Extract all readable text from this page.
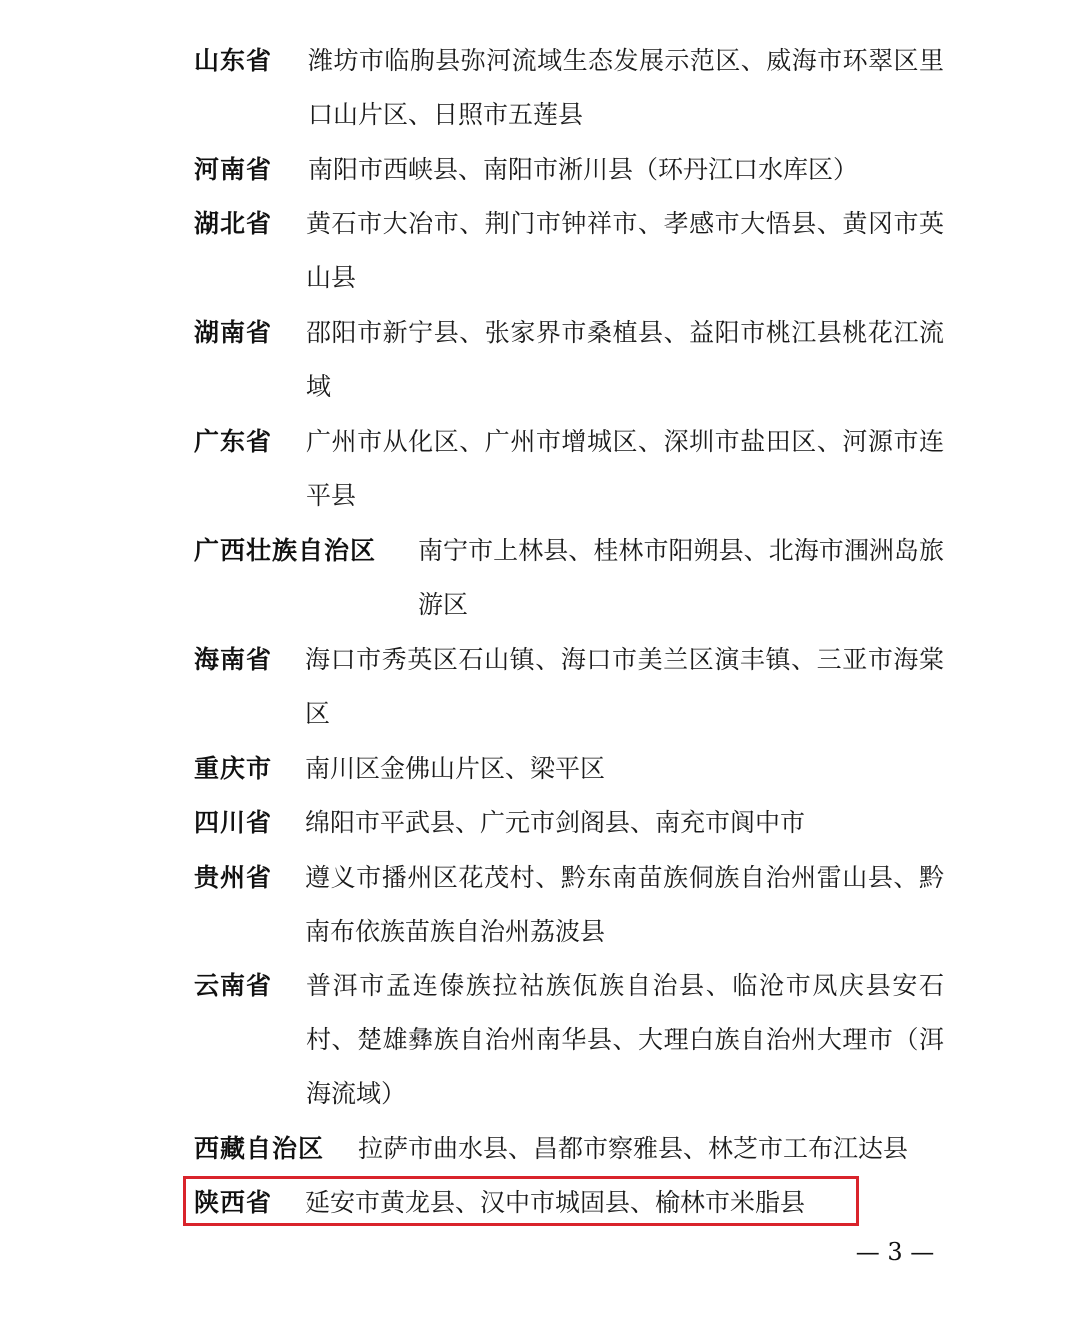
山东省 潍坊市临朐县弥河流域生态发展示范区、威海市环翠区里口山片区、日照市五莲县
河南省 南阳市西峡县、南阳市淅川县（环丹江口水库区）
湖北省 黄石市大冶市、荆门市钟祥市、孝感市大悟县、黄冈市英山县
湖南省 邵阳市新宁县、张家界市桑植县、益阳市桃江县桃花江流域
广东省 广州市从化区、广州市增城区、深圳市盐田区、河源市连平县
广西壮族自治区 南宁市上林县、桂林市阳朔县、北海市涠洲岛旅游区
海南省 海口市秀英区石山镇、海口市美兰区演丰镇、三亚市海棠区
重庆市 南川区金佛山片区、梁平区
四川省 绵阳市平武县、广元市剑阁县、南充市阆中市
贵州省 遵义市播州区花茂村、黔东南苗族侗族自治州雷山县、黔南布依族苗族自治州荔波县
云南省 普洱市孟连傣族拉祜族佤族自治县、临沧市凤庆县安石村、楚雄彝族自治州南华县、大理白族自治州大理市（洱海流域）
西藏自治区 拉萨市曲水县、昌都市察雅县、林芝市工布江达县
陕西省 延安市黄龙县、汉中市城固县、榆林市米脂县
— 3 —
